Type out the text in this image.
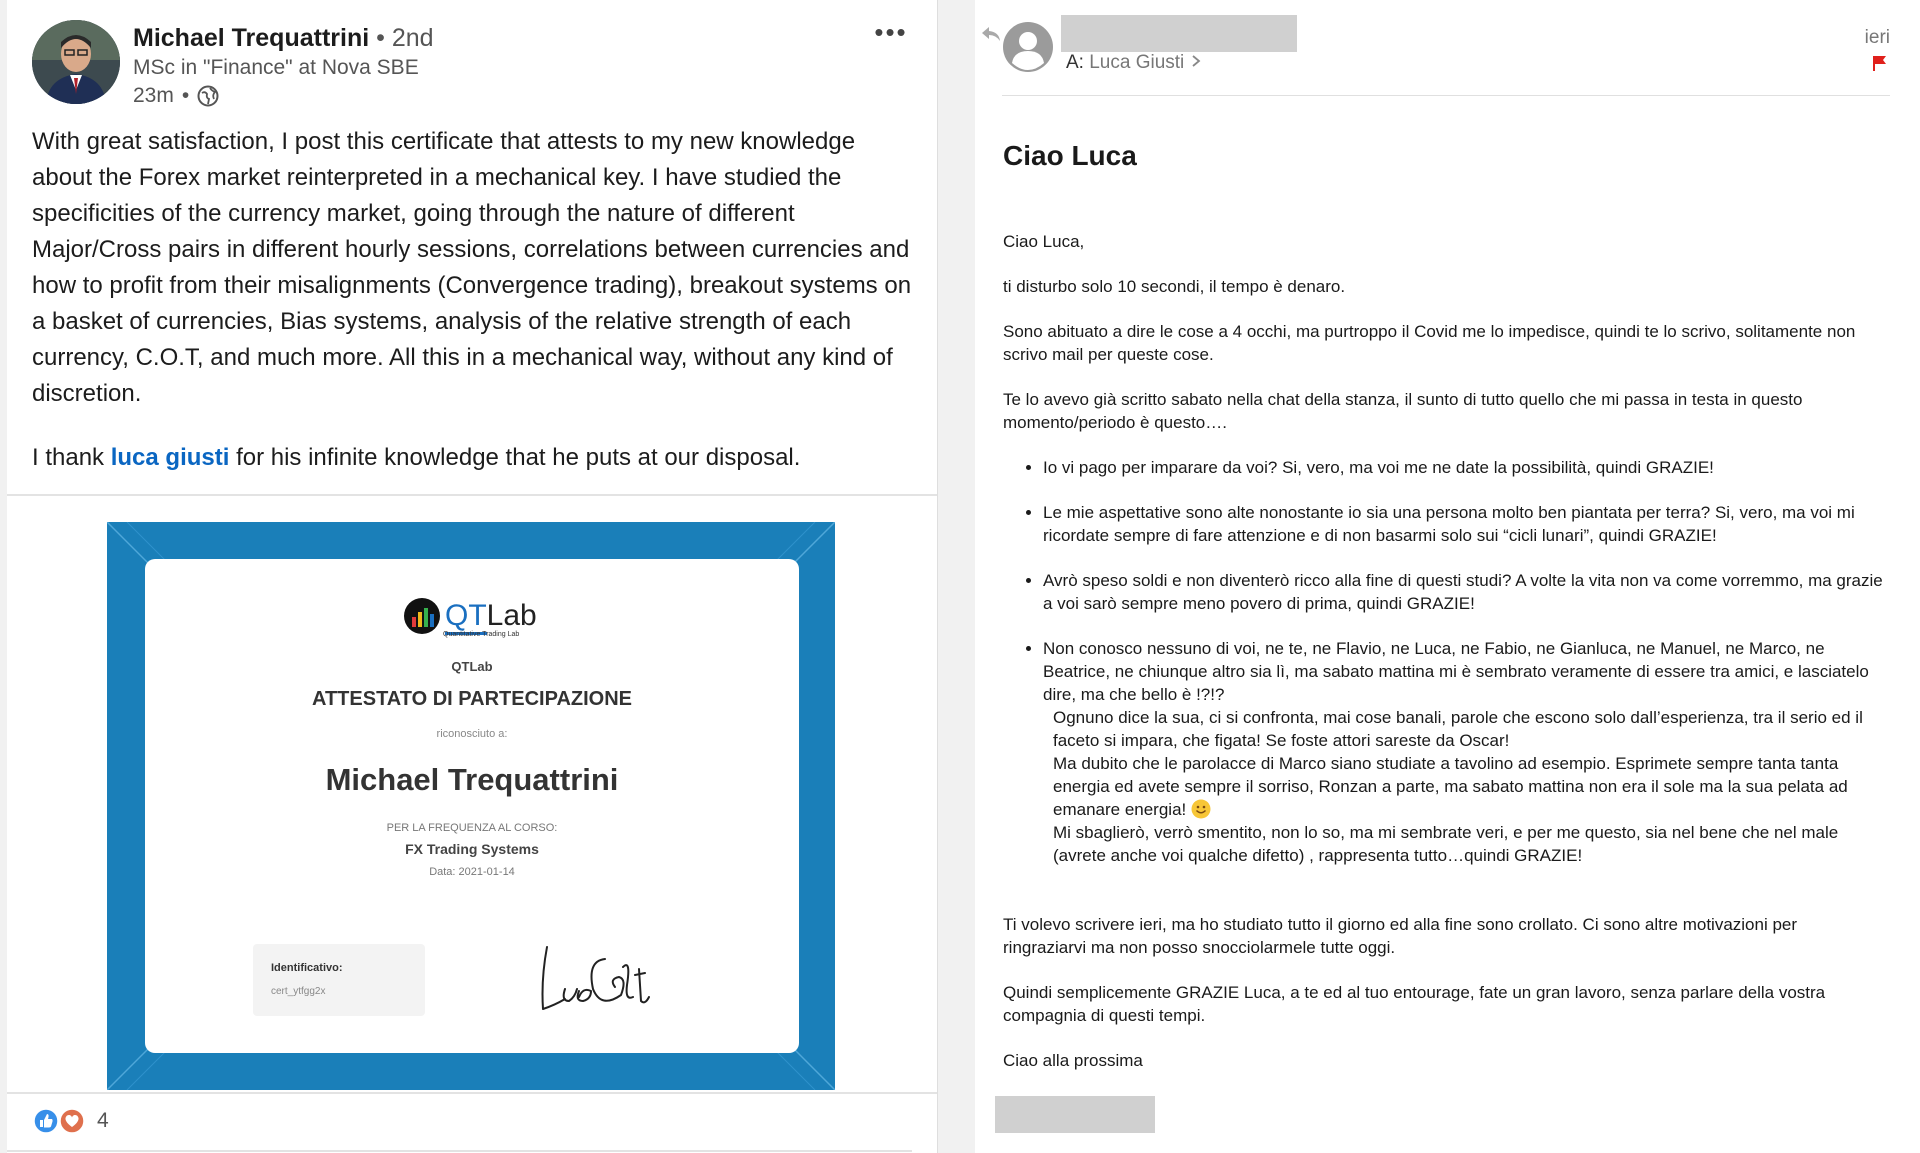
Michael Trequattrini • 2nd
MSc in "Finance" at Nova SBE
23m •
•••

With great satisfaction, I post this certificate that attests to my new knowledge about the Forex market reinterpreted in a mechanical key. I have studied the specificities of the currency market, going through the nature of different Major/Cross pairs in different hourly sessions, correlations between currencies and how to profit from their misalignments (Convergence trading), breakout systems on a basket of currencies, Bias systems, analysis of the relative strength of each currency, C.O.T, and much more. All this in a mechanical way, without any kind of discretion.

I thank luca giusti for his infinite knowledge that he puts at our disposal.
QTLab
Quantitative Trading Lab
QTLab
ATTESTATO DI PARTECIPAZIONE
riconosciuto a:
Michael Trequattrini
PER LA FREQUENZA AL CORSO:
FX Trading Systems
Data: 2021-01-14
Identificativo:
cert_ytfgg2x
4
A: Luca Giusti
ieri
Ciao Luca

Ciao Luca,

ti disturbo solo 10 secondi, il tempo è denaro.

Sono abituato a dire le cose a 4 occhi, ma purtroppo il Covid me lo impedisce, quindi te lo scrivo, solitamente non scrivo mail per queste cose.

Te lo avevo già scritto sabato nella chat della stanza, il sunto di tutto quello che mi passa in testa in questo momento/periodo è questo….

• Io vi pago per imparare da voi? Si, vero, ma voi me ne date la possibilità, quindi GRAZIE!
• Le mie aspettative sono alte nonostante io sia una persona molto ben piantata per terra? Si, vero, ma voi mi ricordate sempre di fare attenzione e di non basarmi solo sui “cicli lunari”, quindi GRAZIE!
• Avrò speso soldi e non diventerò ricco alla fine di questi studi? A volte la vita non va come vorremmo, ma grazie a voi sarò sempre meno povero di prima, quindi GRAZIE!
• Non conosco nessuno di voi, ne te, ne Flavio, ne Luca, ne Fabio, ne Gianluca, ne Manuel, ne Marco, ne Beatrice, ne chiunque altro sia lì, ma sabato mattina mi è sembrato veramente di essere tra amici, e lasciatelo dire, ma che bello è !?!?
Ognuno dice la sua, ci si confronta, mai cose banali, parole che escono solo dall’esperienza, tra il serio ed il faceto si impara, che figata! Se foste attori sareste da Oscar!
Ma dubito che le parolacce di Marco siano studiate a tavolino ad esempio. Esprimete sempre tanta tanta energia ed avete sempre il sorriso, Ronzan a parte, ma sabato mattina non era il sole ma la sua pelata ad emanare energia!
Mi sbaglierò, verrò smentito, non lo so, ma mi sembrate veri, e per me questo, sia nel bene che nel male (avrete anche voi qualche difetto) , rappresenta tutto…quindi GRAZIE!

Ti volevo scrivere ieri, ma ho studiato tutto il giorno ed alla fine sono crollato. Ci sono altre motivazioni per ringraziarvi ma non posso snocciolarmele tutte oggi.

Quindi semplicemente GRAZIE Luca, a te ed al tuo entourage, fate un gran lavoro, senza parlare della vostra compagnia di questi tempi.

Ciao alla prossima
